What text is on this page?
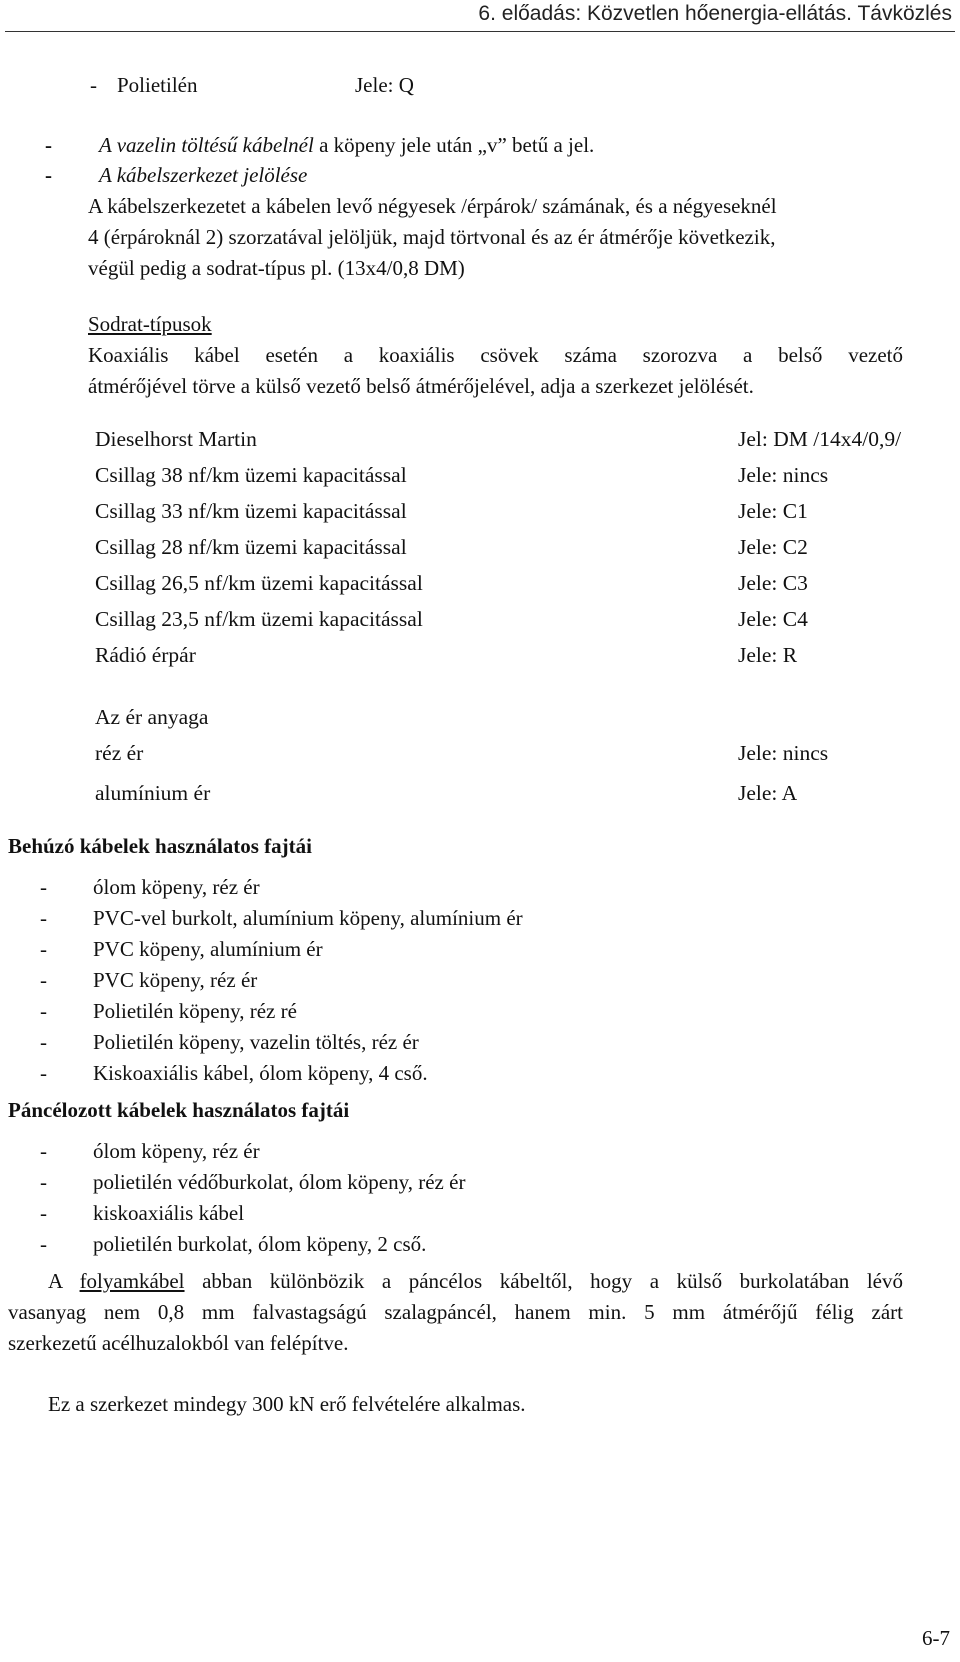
6. előadás: Közvetlen hőenergia-ellátás. Távközlés
- Polietilén	Jele: Q
- A vazelin töltésű kábelnél a köpeny jele után „v” betű a jel.
- A kábelszerkezet jelölése
A kábelszerkezetet a kábelen levő négyesek /érpárok/ számának, és a négyeseknél
4 (érpároknál 2) szorzatával jelöljük, majd törtvonal és az ér átmérője következik,
végül pedig a sodrat-típus pl. (13x4/0,8 DM)
Sodrat-típusok
Koaxiális kábel esetén a koaxiális csövek száma szorozva a belső vezető
átmérőjével törve a külső vezető belső átmérőjelével, adja a szerkezet jelölését.
Dieselhorst Martin	Jel: DM /14x4/0,9/
Csillag 38 nf/km üzemi kapacitással	Jele: nincs
Csillag 33 nf/km üzemi kapacitással	Jele: C1
Csillag 28 nf/km üzemi kapacitással	Jele: C2
Csillag 26,5 nf/km üzemi kapacitással	Jele: C3
Csillag 23,5 nf/km üzemi kapacitással	Jele: C4
Rádió érpár	Jele: R
Az ér anyaga
réz ér	Jele: nincs
alumínium ér	Jele: A
Behúzó kábelek használatos fajtái
- ólom köpeny, réz ér
- PVC-vel burkolt, alumínium köpeny, alumínium ér
- PVC köpeny, alumínium ér
- PVC köpeny, réz ér
- Polietilén köpeny, réz ré
- Polietilén köpeny, vazelin töltés, réz ér
- Kiskoaxiális kábel, ólom köpeny, 4 cső.
Páncélozott kábelek használatos fajtái
- ólom köpeny, réz ér
- polietilén védőburkolat, ólom köpeny, réz ér
- kiskoaxiális kábel
- polietilén burkolat, ólom köpeny, 2 cső.
A folyamkábel abban különbözik a páncélos kábeltől, hogy a külső burkolatában lévő
vasanyag nem 0,8 mm falvastagságú szalagpáncél, hanem min. 5 mm átmérőjű félig zárt
szerkezetű acélhuzalokból van felépítve.
Ez a szerkezet mindegy 300 kN erő felvételére alkalmas.
6-7
